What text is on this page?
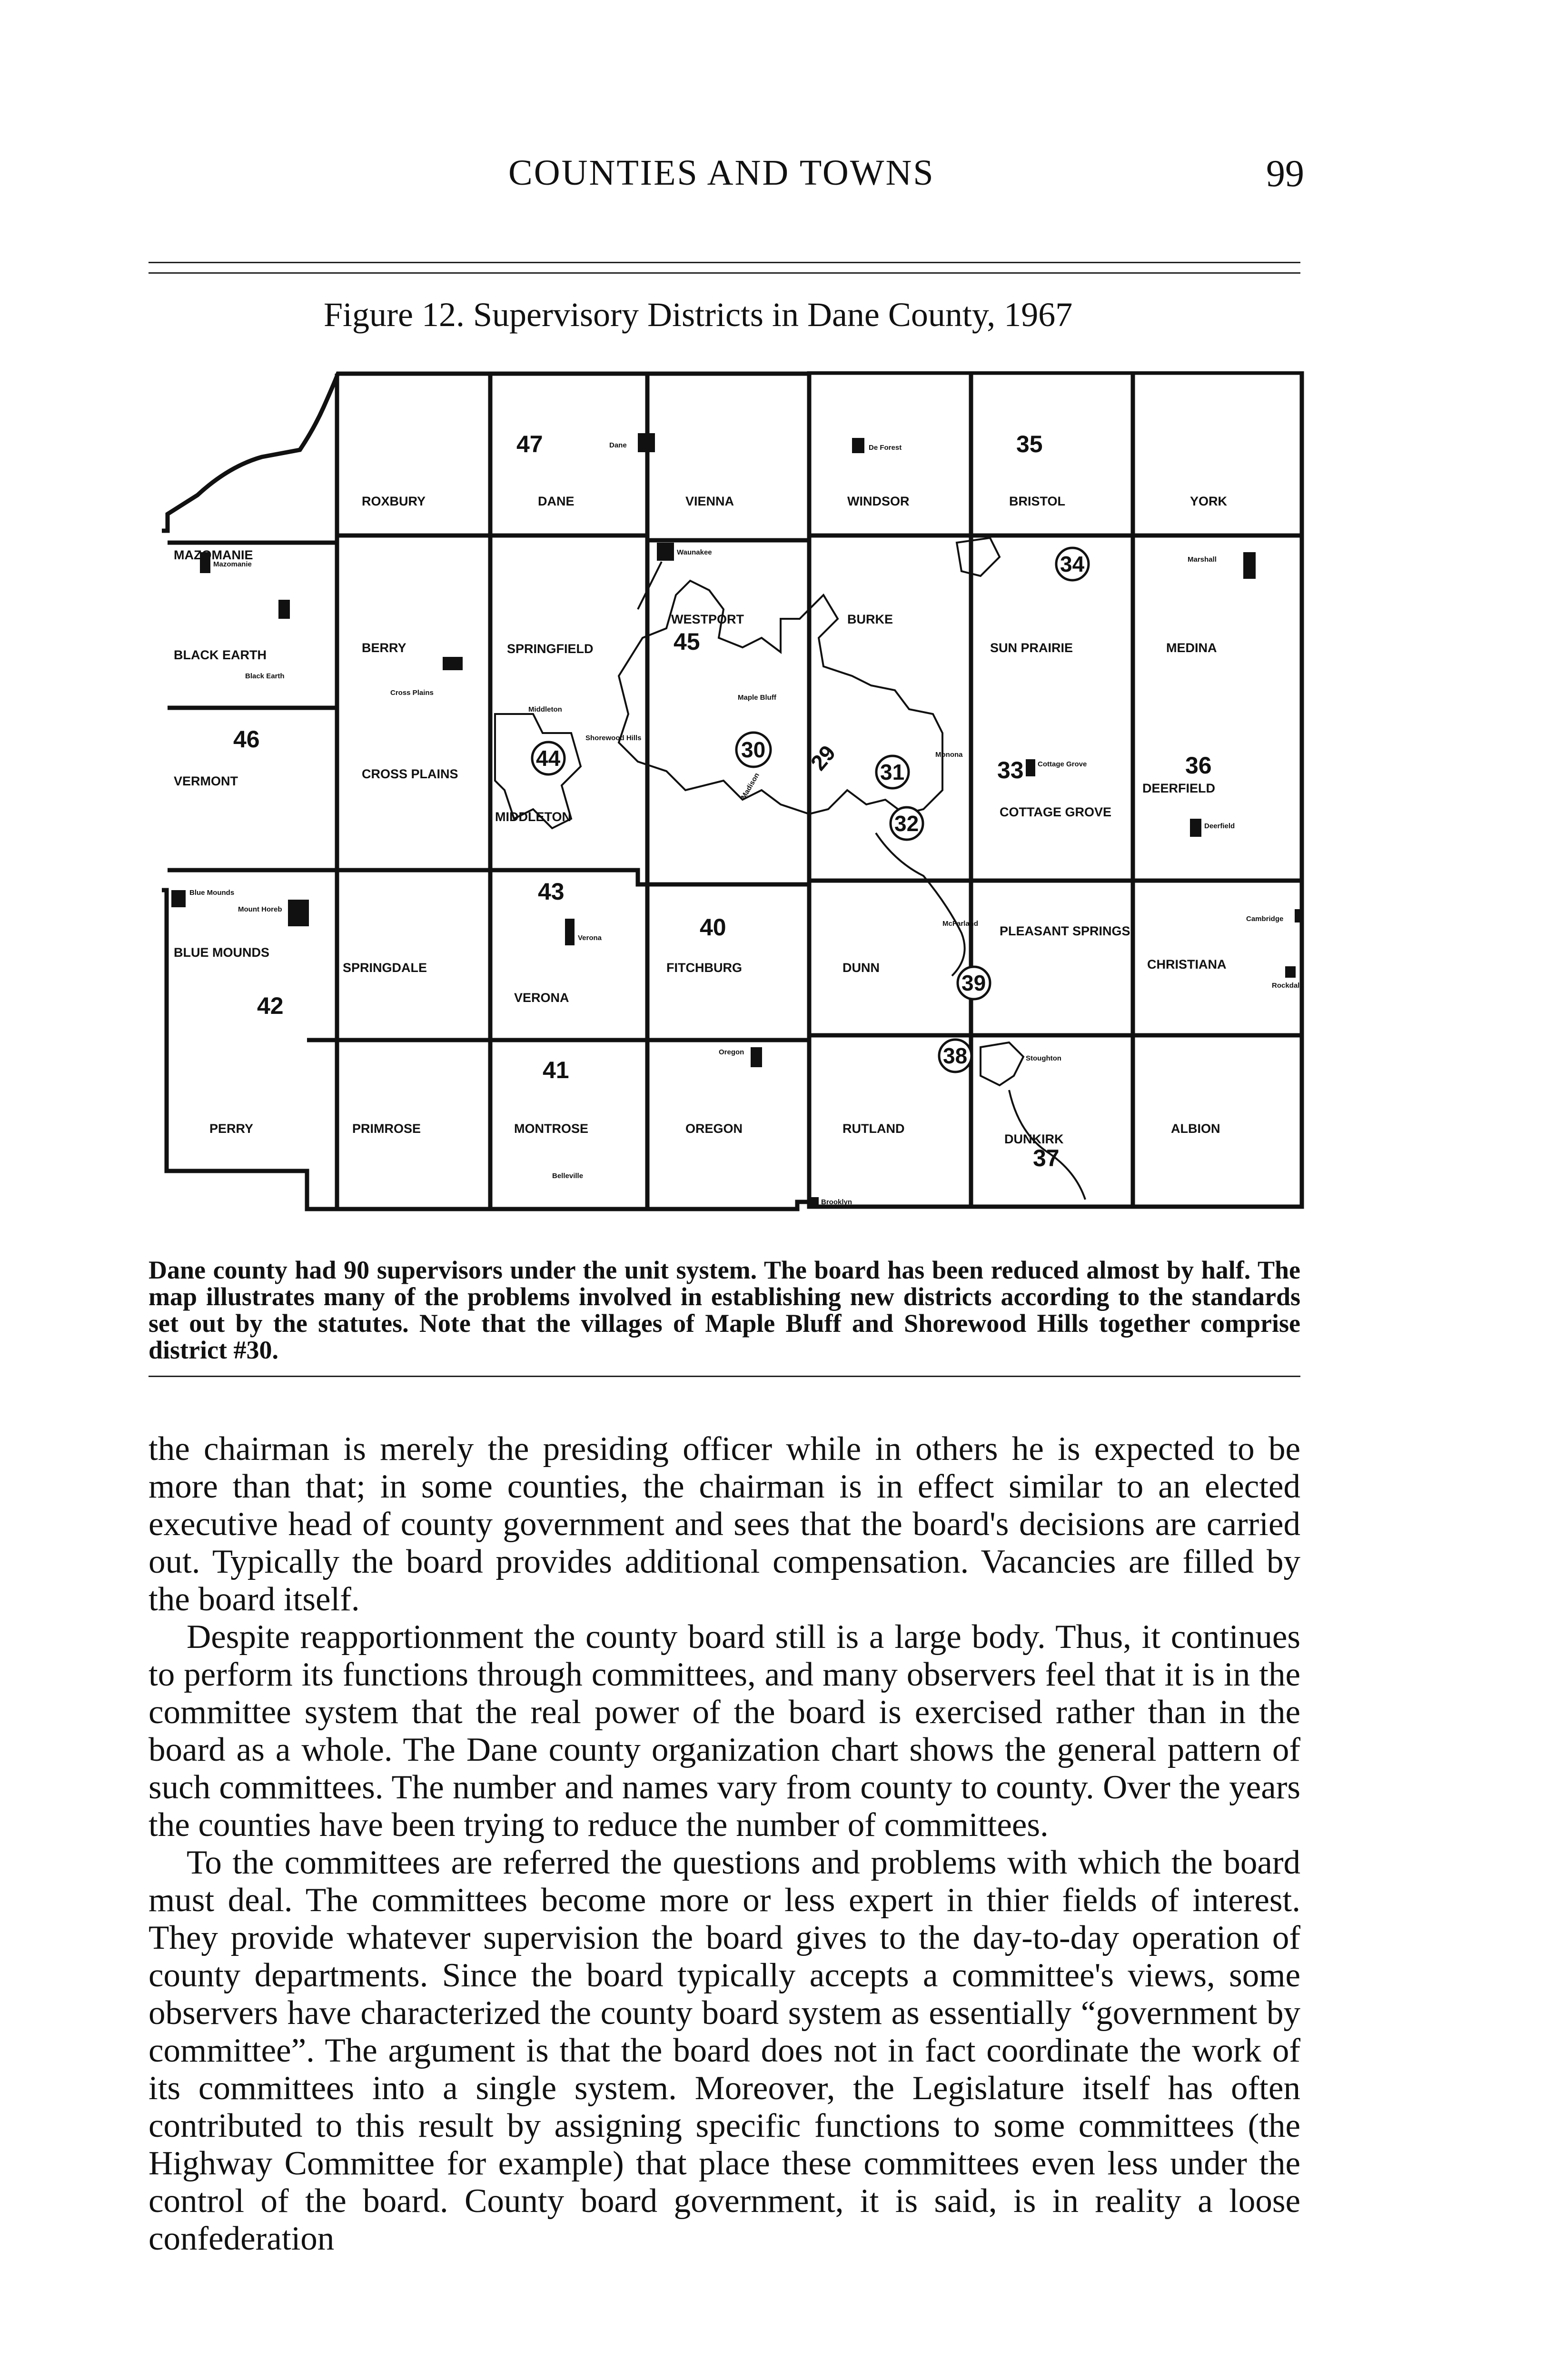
COUNTIES AND TOWNS	99
Figure 12. Supervisory Districts in Dane County, 1967
ROXBURY	DANE	VIENNA	WINDSOR	BRISTOL	YORK
MAZOMANIE
BERRY	SPRINGFIELD
WESTPORT	BURKE
SUN PRAIRIE	MEDINA
BLACK EARTH
VERMONT	CROSS PLAINS
MIDDLETON	COTTAGE GROVE
DEERFIELD
BLUE MOUNDS
SPRINGDALE
VERONA
FITCHBURG	DUNN
PLEASANT SPRINGS
CHRISTIANA
PERRY	PRIMROSE	MONTROSE	OREGON	RUTLAND
DUNKIRK
ALBION
Dane	De Forest
Waunakee
Mazomanie
Black Earth
Cross Plains
Middleton
Shorewood Hills
Maple Bluff
Madison
Monona
Cottage Grove
Marshall
Deerfield
Blue Mounds
Mount Horeb
Verona
McFarland
Cambridge
Rockdale
Oregon
Belleville
Stoughton
Brooklyn
47	35
45
46
33	36
43
40
42
41
37
34
44	30 29 31
32
39
38
Dane county had 90 supervisors under the unit system. The board has been reduced almost by half. The map illustrates many of the problems involved in establishing new districts according to the standards set out by the statutes. Note that the villages of Maple Bluff and Shorewood Hills together comprise district #30.

the chairman is merely the presiding officer while in others he is expected to be more than that; in some counties, the chairman is in effect similar to an elected executive head of county government and sees that the board's decisions are carried out. Typically the board provides additional compensation. Vacancies are filled by the board itself.

Despite reapportionment the county board still is a large body. Thus, it continues to perform its functions through committees, and many observers feel that it is in the committee system that the real power of the board is exercised rather than in the board as a whole. The Dane county organization chart shows the general pattern of such committees. The number and names vary from county to county. Over the years the counties have been trying to reduce the number of committees.

To the committees are referred the questions and problems with which the board must deal. The committees become more or less expert in thier fields of interest. They provide whatever supervision the board gives to the day-to-day operation of county departments. Since the board typically accepts a committee's views, some observers have characterized the county board system as essentially “government by committee”. The argument is that the board does not in fact coordinate the work of its committees into a single system. Moreover, the Legislature itself has often contributed to this result by assigning specific functions to some committees (the Highway Committee for example) that place these committees even less under the control of the board. County board government, it is said, is in reality a loose confederation
